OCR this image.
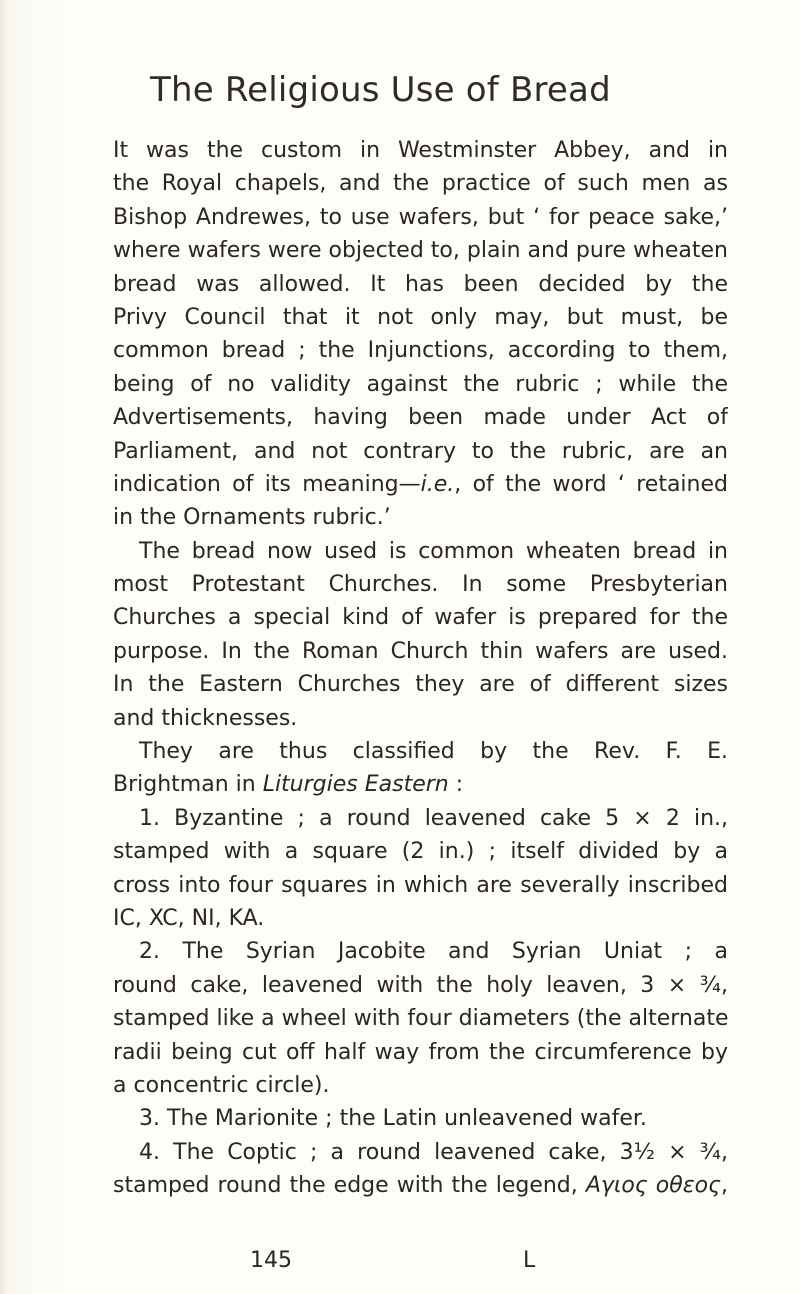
The Religious Use of Bread
It was the custom in Westminster Abbey, and in
the Royal chapels, and the practice of such men as
Bishop Andrewes, to use wafers, but ‘ for peace sake,’
where wafers were objected to, plain and pure wheaten
bread was allowed. It has been decided by the
Privy Council that it not only may, but must, be
common bread ; the Injunctions, according to them,
being of no validity against the rubric ; while the
Advertisements, having been made under Act of
Parliament, and not contrary to the rubric, are an
indication of its meaning—i.e., of the word ‘ retained
in the Ornaments rubric.’
The bread now used is common wheaten bread in
most Protestant Churches. In some Presbyterian
Churches a special kind of wafer is prepared for the
purpose. In the Roman Church thin wafers are used.
In the Eastern Churches they are of different sizes
and thicknesses.
They are thus classified by the Rev. F. E.
Brightman in Liturgies Eastern :
1. Byzantine ; a round leavened cake 5 × 2 in.,
stamped with a square (2 in.) ; itself divided by a
cross into four squares in which are severally inscribed
IC, XC, NI, KA.
2. The Syrian Jacobite and Syrian Uniat ; a
round cake, leavened with the holy leaven, 3 × ¾,
stamped like a wheel with four diameters (the alternate
radii being cut off half way from the circumference by
a concentric circle).
3. The Marionite ; the Latin unleavened wafer.
4. The Coptic ; a round leavened cake, 3½ × ¾,
stamped round the edge with the legend, Αγιος οθεος,
145	L
